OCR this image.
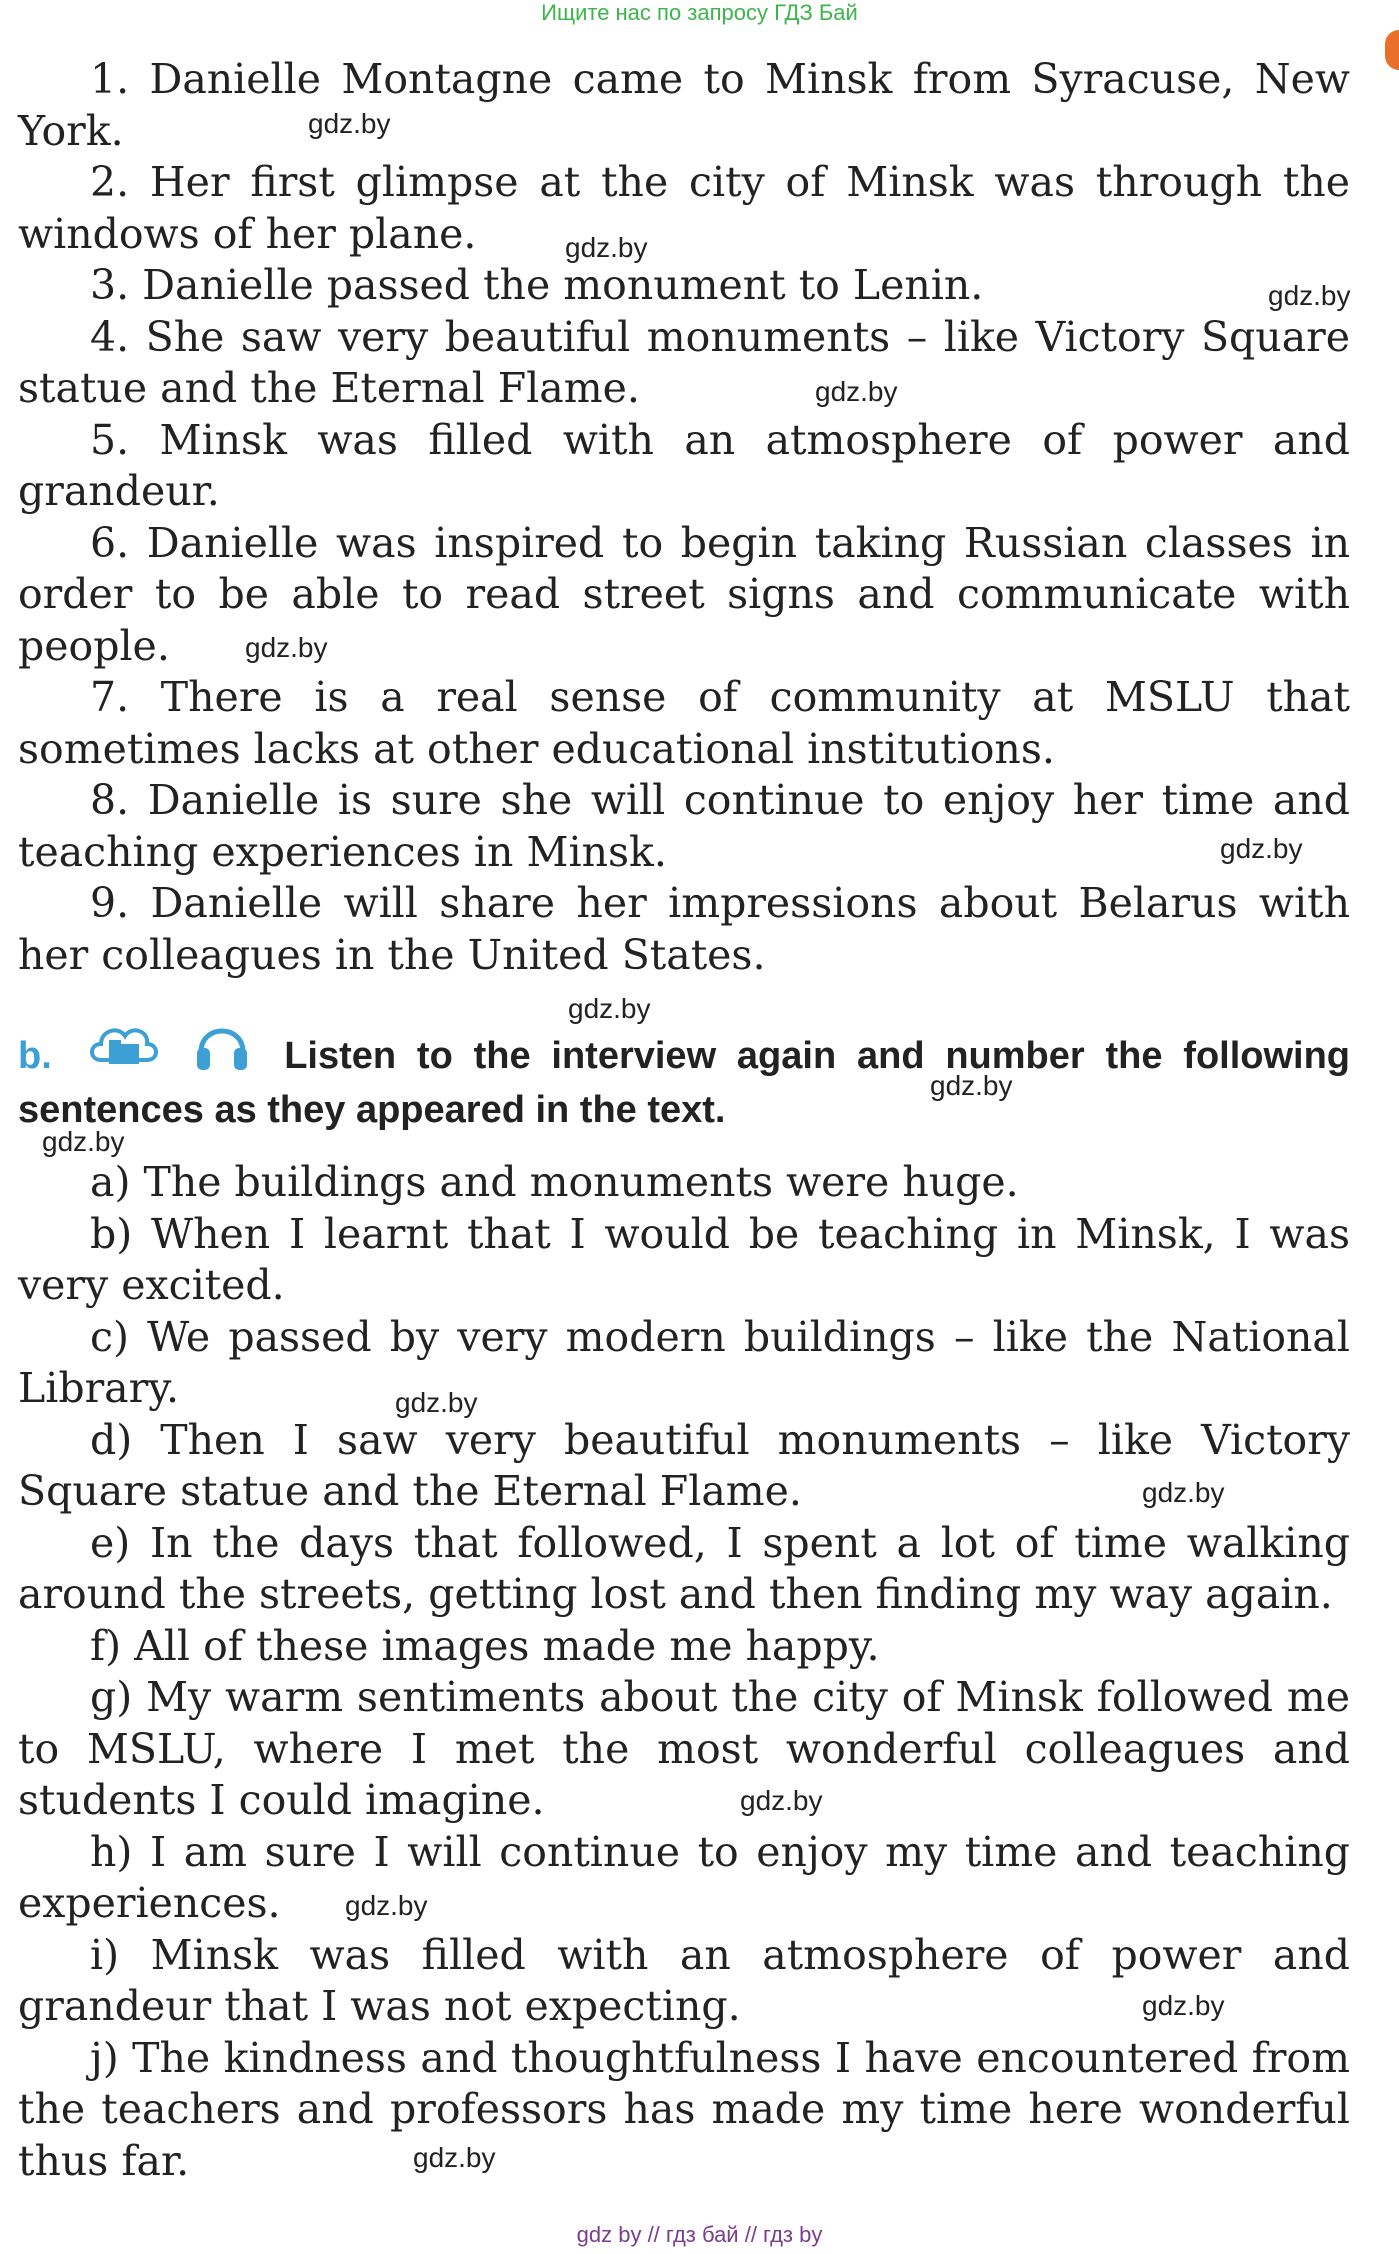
Ищите нас по запросу ГДЗ Бай

1. Danielle Montagne came to Minsk from Syracuse, New York.

2. Her first glimpse at the city of Minsk was through the windows of her plane.

3. Danielle passed the monument to Lenin.

4. She saw very beautiful monuments – like Victory Square statue and the Eternal Flame.

5. Minsk was filled with an atmosphere of power and grandeur.

6. Danielle was inspired to begin taking Russian classes in order to be able to read street signs and communicate with people.

7. There is a real sense of community at MSLU that sometimes lacks at other educational institutions.

8. Danielle is sure she will continue to enjoy her time and teaching experiences in Minsk.

9. Danielle will share her impressions about Belarus with her colleagues in the United States.

b.	Listen to the interview again and number the following sentences as they appeared in the text.

a) The buildings and monuments were huge.

b) When I learnt that I would be teaching in Minsk, I was very excited.

c) We passed by very modern buildings – like the National Library.

d) Then I saw very beautiful monuments – like Victory Square statue and the Eternal Flame.

e) In the days that followed, I spent a lot of time walking around the streets, getting lost and then finding my way again.

f) All of these images made me happy.

g) My warm sentiments about the city of Minsk followed me to MSLU, where I met the most wonderful colleagues and students I could imagine.

h) I am sure I will continue to enjoy my time and teaching experiences.

i) Minsk was filled with an atmosphere of power and grandeur that I was not expecting.

j) The kindness and thoughtfulness I have encountered from the teachers and professors has made my time here wonderful thus far.

gdz.by
gdz.by
gdz.by
gdz.by
gdz.by
gdz.by
gdz.by
gdz.by
gdz.by
gdz.by
gdz.by
gdz.by
gdz.by
gdz.by
gdz.by
gdz by // гдз бай // гдз by
